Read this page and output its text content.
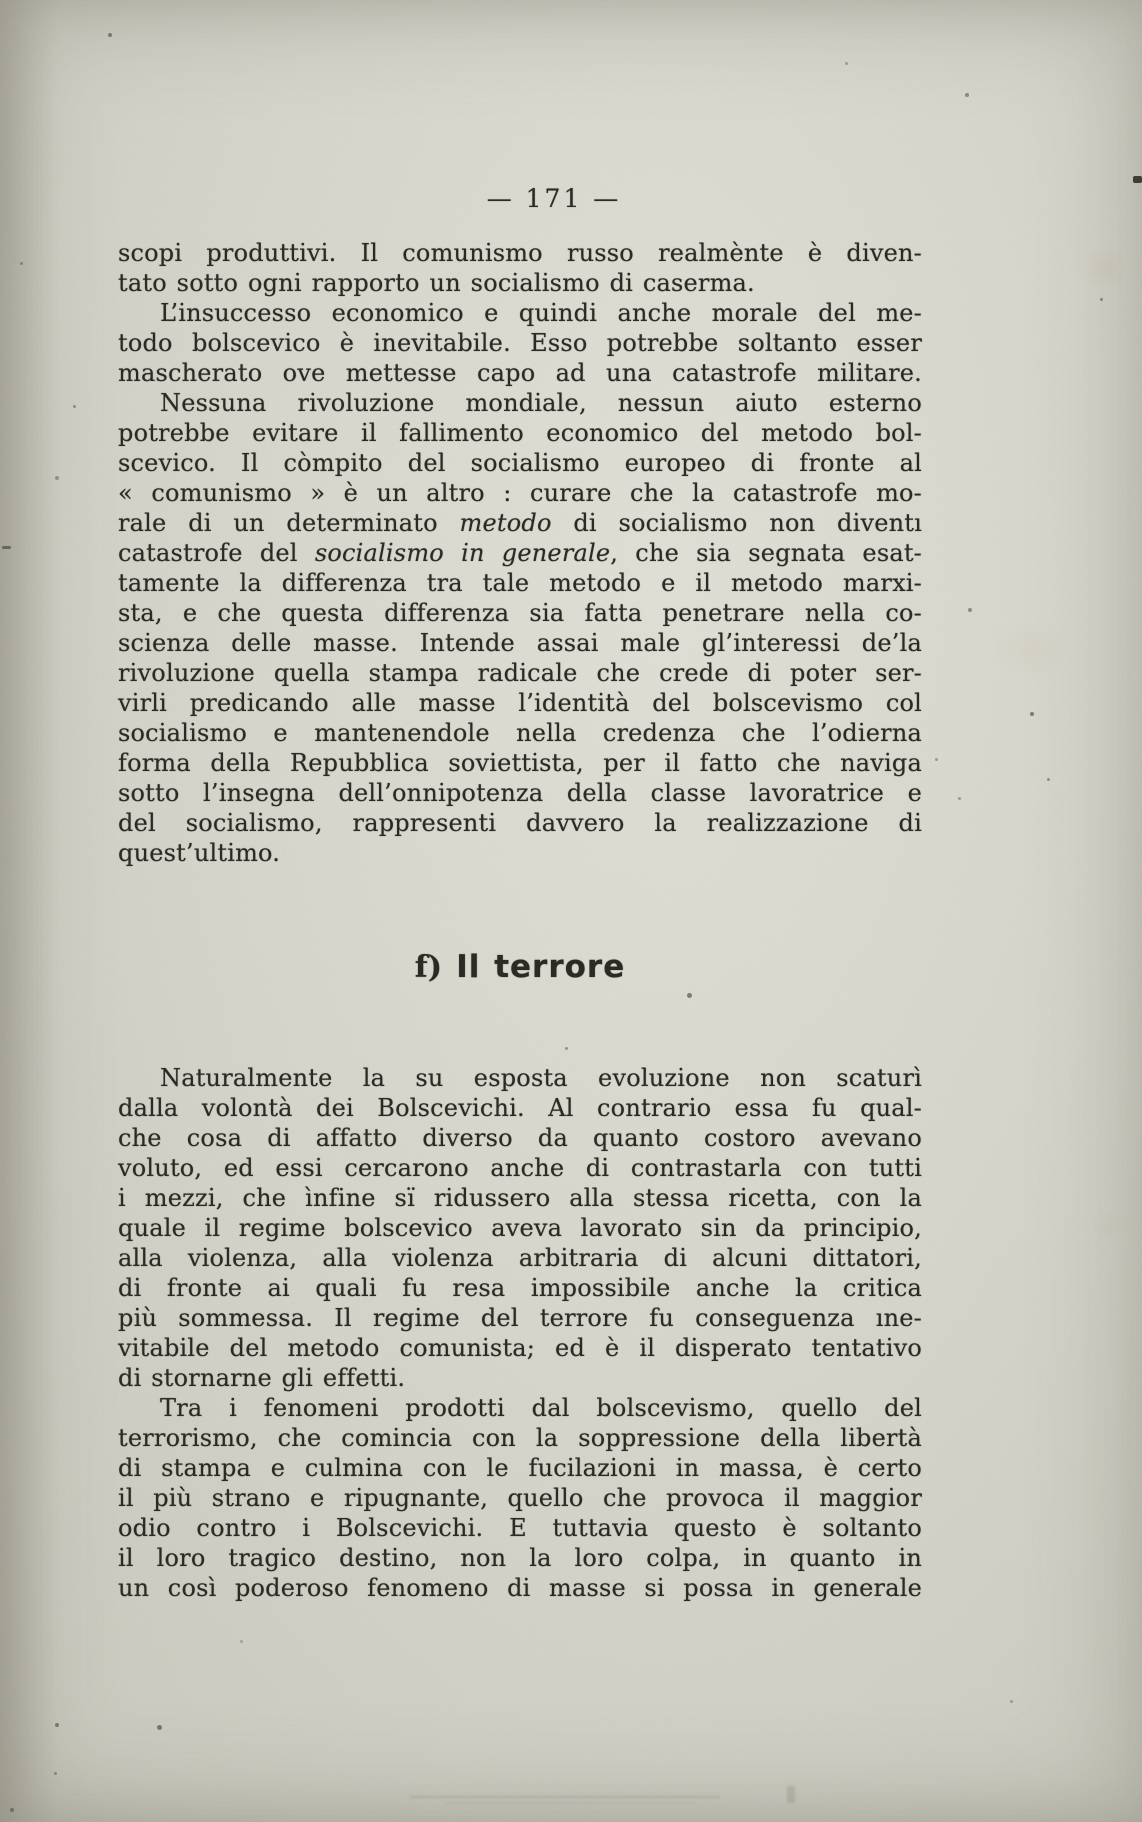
— 171 —
scopi produttivi. Il comunismo russo realmènte è diven-
tato sotto ogni rapporto un socialismo di caserma.
L’insuccesso economico e quindi anche morale del me-
todo bolscevico è inevitabile. Esso potrebbe soltanto esser
mascherato ove mettesse capo ad una catastrofe militare.
Nessuna rivoluzione mondiale, nessun aiuto esterno
potrebbe evitare il fallimento economico del metodo bol-
scevico. Il còmpito del socialismo europeo di fronte al
« comunismo » è un altro : curare che la catastrofe mo-
rale di un determinato metodo di socialismo non diventı
catastrofe del socialismo in generale, che sia segnata esat-
tamente la differenza tra tale metodo e il metodo marxi-
sta, e che questa differenza sia fatta penetrare nella co-
scienza delle masse. Intende assai male gl’interessi de’la
rivoluzione quella stampa radicale che crede di poter ser-
virli predicando alle masse l’identità del bolscevismo col
socialismo e mantenendole nella credenza che l’odierna
forma della Repubblica soviettista, per il fatto che naviga
sotto l’insegna dell’onnipotenza della classe lavoratrice e
del socialismo, rappresenti davvero la realizzazione di
quest’ultimo.
f) Il terrore
Naturalmente la su esposta evoluzione non scaturì
dalla volontà dei Bolscevichi. Al contrario essa fu qual-
che cosa di affatto diverso da quanto costoro avevano
voluto, ed essi cercarono anche di contrastarla con tutti
i mezzi, che ìnfine sï ridussero alla stessa ricetta, con la
quale il regime bolscevico aveva lavorato sin da principio,
alla violenza, alla violenza arbitraria di alcuni dittatori,
di fronte ai quali fu resa impossibile anche la critica
più sommessa. Il regime del terrore fu conseguenza ıne-
vitabile del metodo comunista; ed è il disperato tentativo
di stornarne gli effetti.
Tra i fenomeni prodotti dal bolscevismo, quello del
terrorismo, che comincia con la soppressione della libertà
di stampa e culmina con le fucilazioni in massa, è certo
il più strano e ripugnante, quello che provoca il maggior
odio contro i Bolscevichi. E tuttavia questo è soltanto
il loro tragico destino, non la loro colpa, in quanto in
un così poderoso fenomeno di masse si possa in generale
